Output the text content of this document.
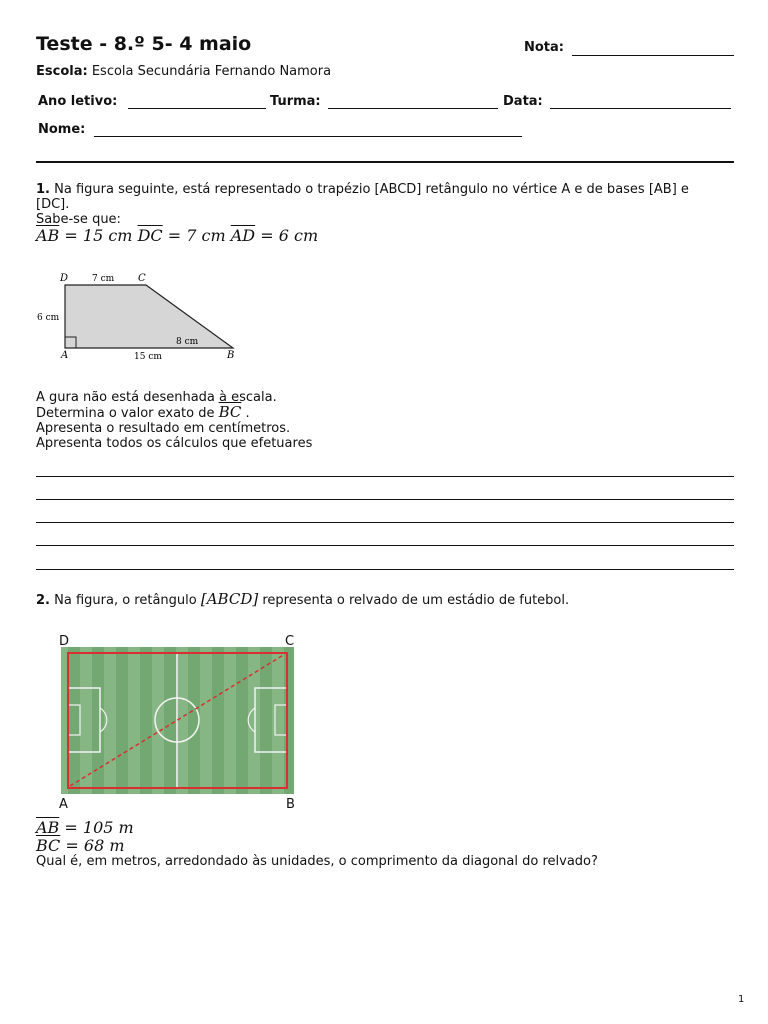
Teste - 8.º 5- 4 maio	Nota:
Escola: Escola Secundária Fernando Namora
Ano letivo:	Turma:	Data:
Nome:
1. Na figura seguinte, está representado o trapézio [ABCD] retângulo no vértice A e de bases [AB] e
[DC].
Sabe-se que:
$\overline{AB} = 15$ cm $\overline{DC} = 7$ cm $\overline{AD} = 6$ cm
D	C
A	B
7 cm
6 cm
8 cm
15 cm
A gura não está desenhada à escala.
Determina o valor exato de $\overline{BC}$ .
Apresenta o resultado em centímetros.
Apresenta todos os cálculos que efetuares
2. Na figura, o retângulo [ABCD] representa o relvado de um estádio de futebol.
D	C
A	B
$\overline{AB} = 105$ m
$\overline{BC} = 68$ m
Qual é, em metros, arredondado às unidades, o comprimento da diagonal do relvado?
1
